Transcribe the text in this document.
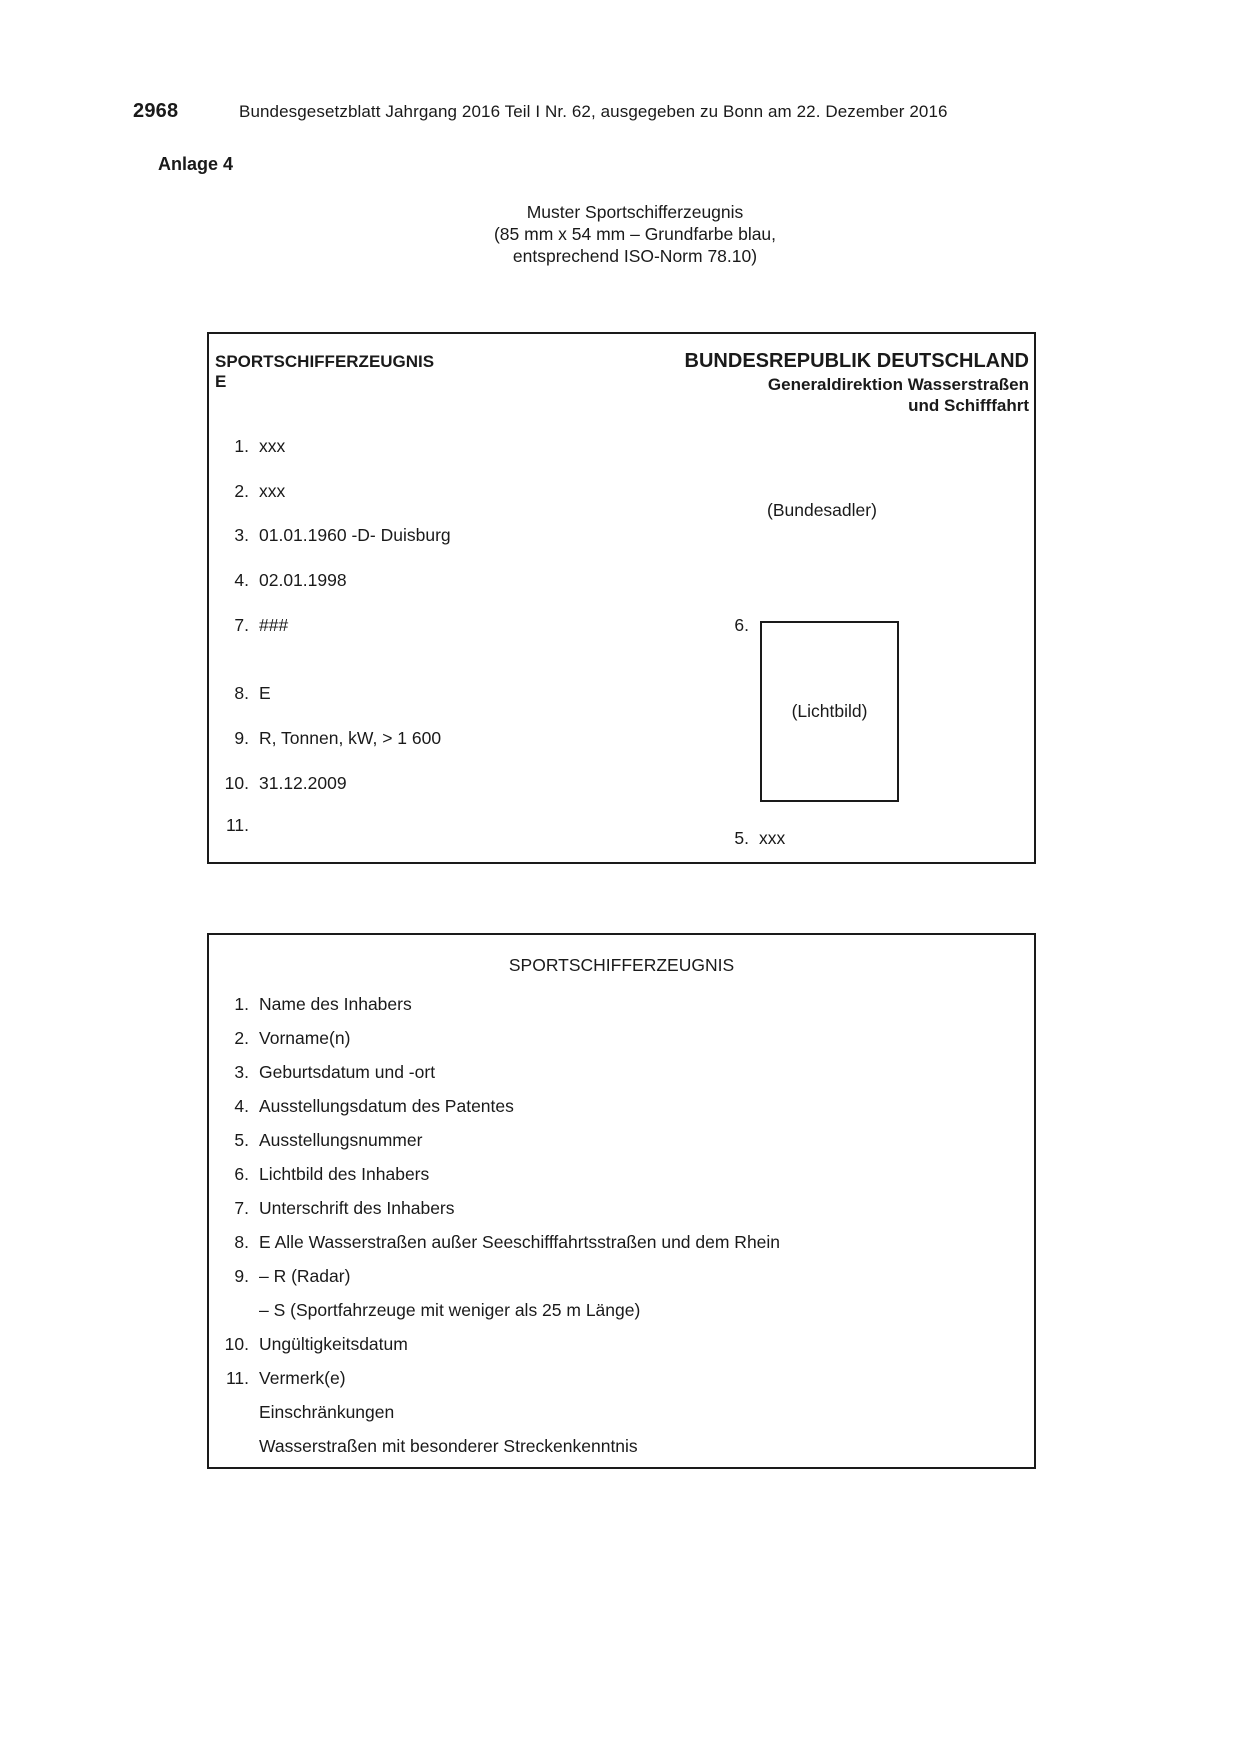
2968	Bundesgesetzblatt Jahrgang 2016 Teil I Nr. 62, ausgegeben zu Bonn am 22. Dezember 2016
Anlage 4
Muster Sportschifferzeugnis
(85 mm x 54 mm – Grundfarbe blau,
entsprechend ISO-Norm 78.10)
SPORTSCHIFFERZEUGNIS
E
BUNDESREPUBLIK DEUTSCHLAND
Generaldirektion Wasserstraßen
und Schifffahrt
1. xxx
2. xxx
3. 01.01.1960 -D- Duisburg
4. 02.01.1998
7. ###
8. E
9. R, Tonnen, kW, > 1 600
10. 31.12.2009
11.
(Bundesadler)
6.
(Lichtbild)
5. xxx
SPORTSCHIFFERZEUGNIS
1. Name des Inhabers
2. Vorname(n)
3. Geburtsdatum und -ort
4. Ausstellungsdatum des Patentes
5. Ausstellungsnummer
6. Lichtbild des Inhabers
7. Unterschrift des Inhabers
8. E Alle Wasserstraßen außer Seeschifffahrtsstraßen und dem Rhein
9. – R (Radar)
– S (Sportfahrzeuge mit weniger als 25 m Länge)
10. Ungültigkeitsdatum
11. Vermerk(e)
Einschränkungen
Wasserstraßen mit besonderer Streckenkenntnis
